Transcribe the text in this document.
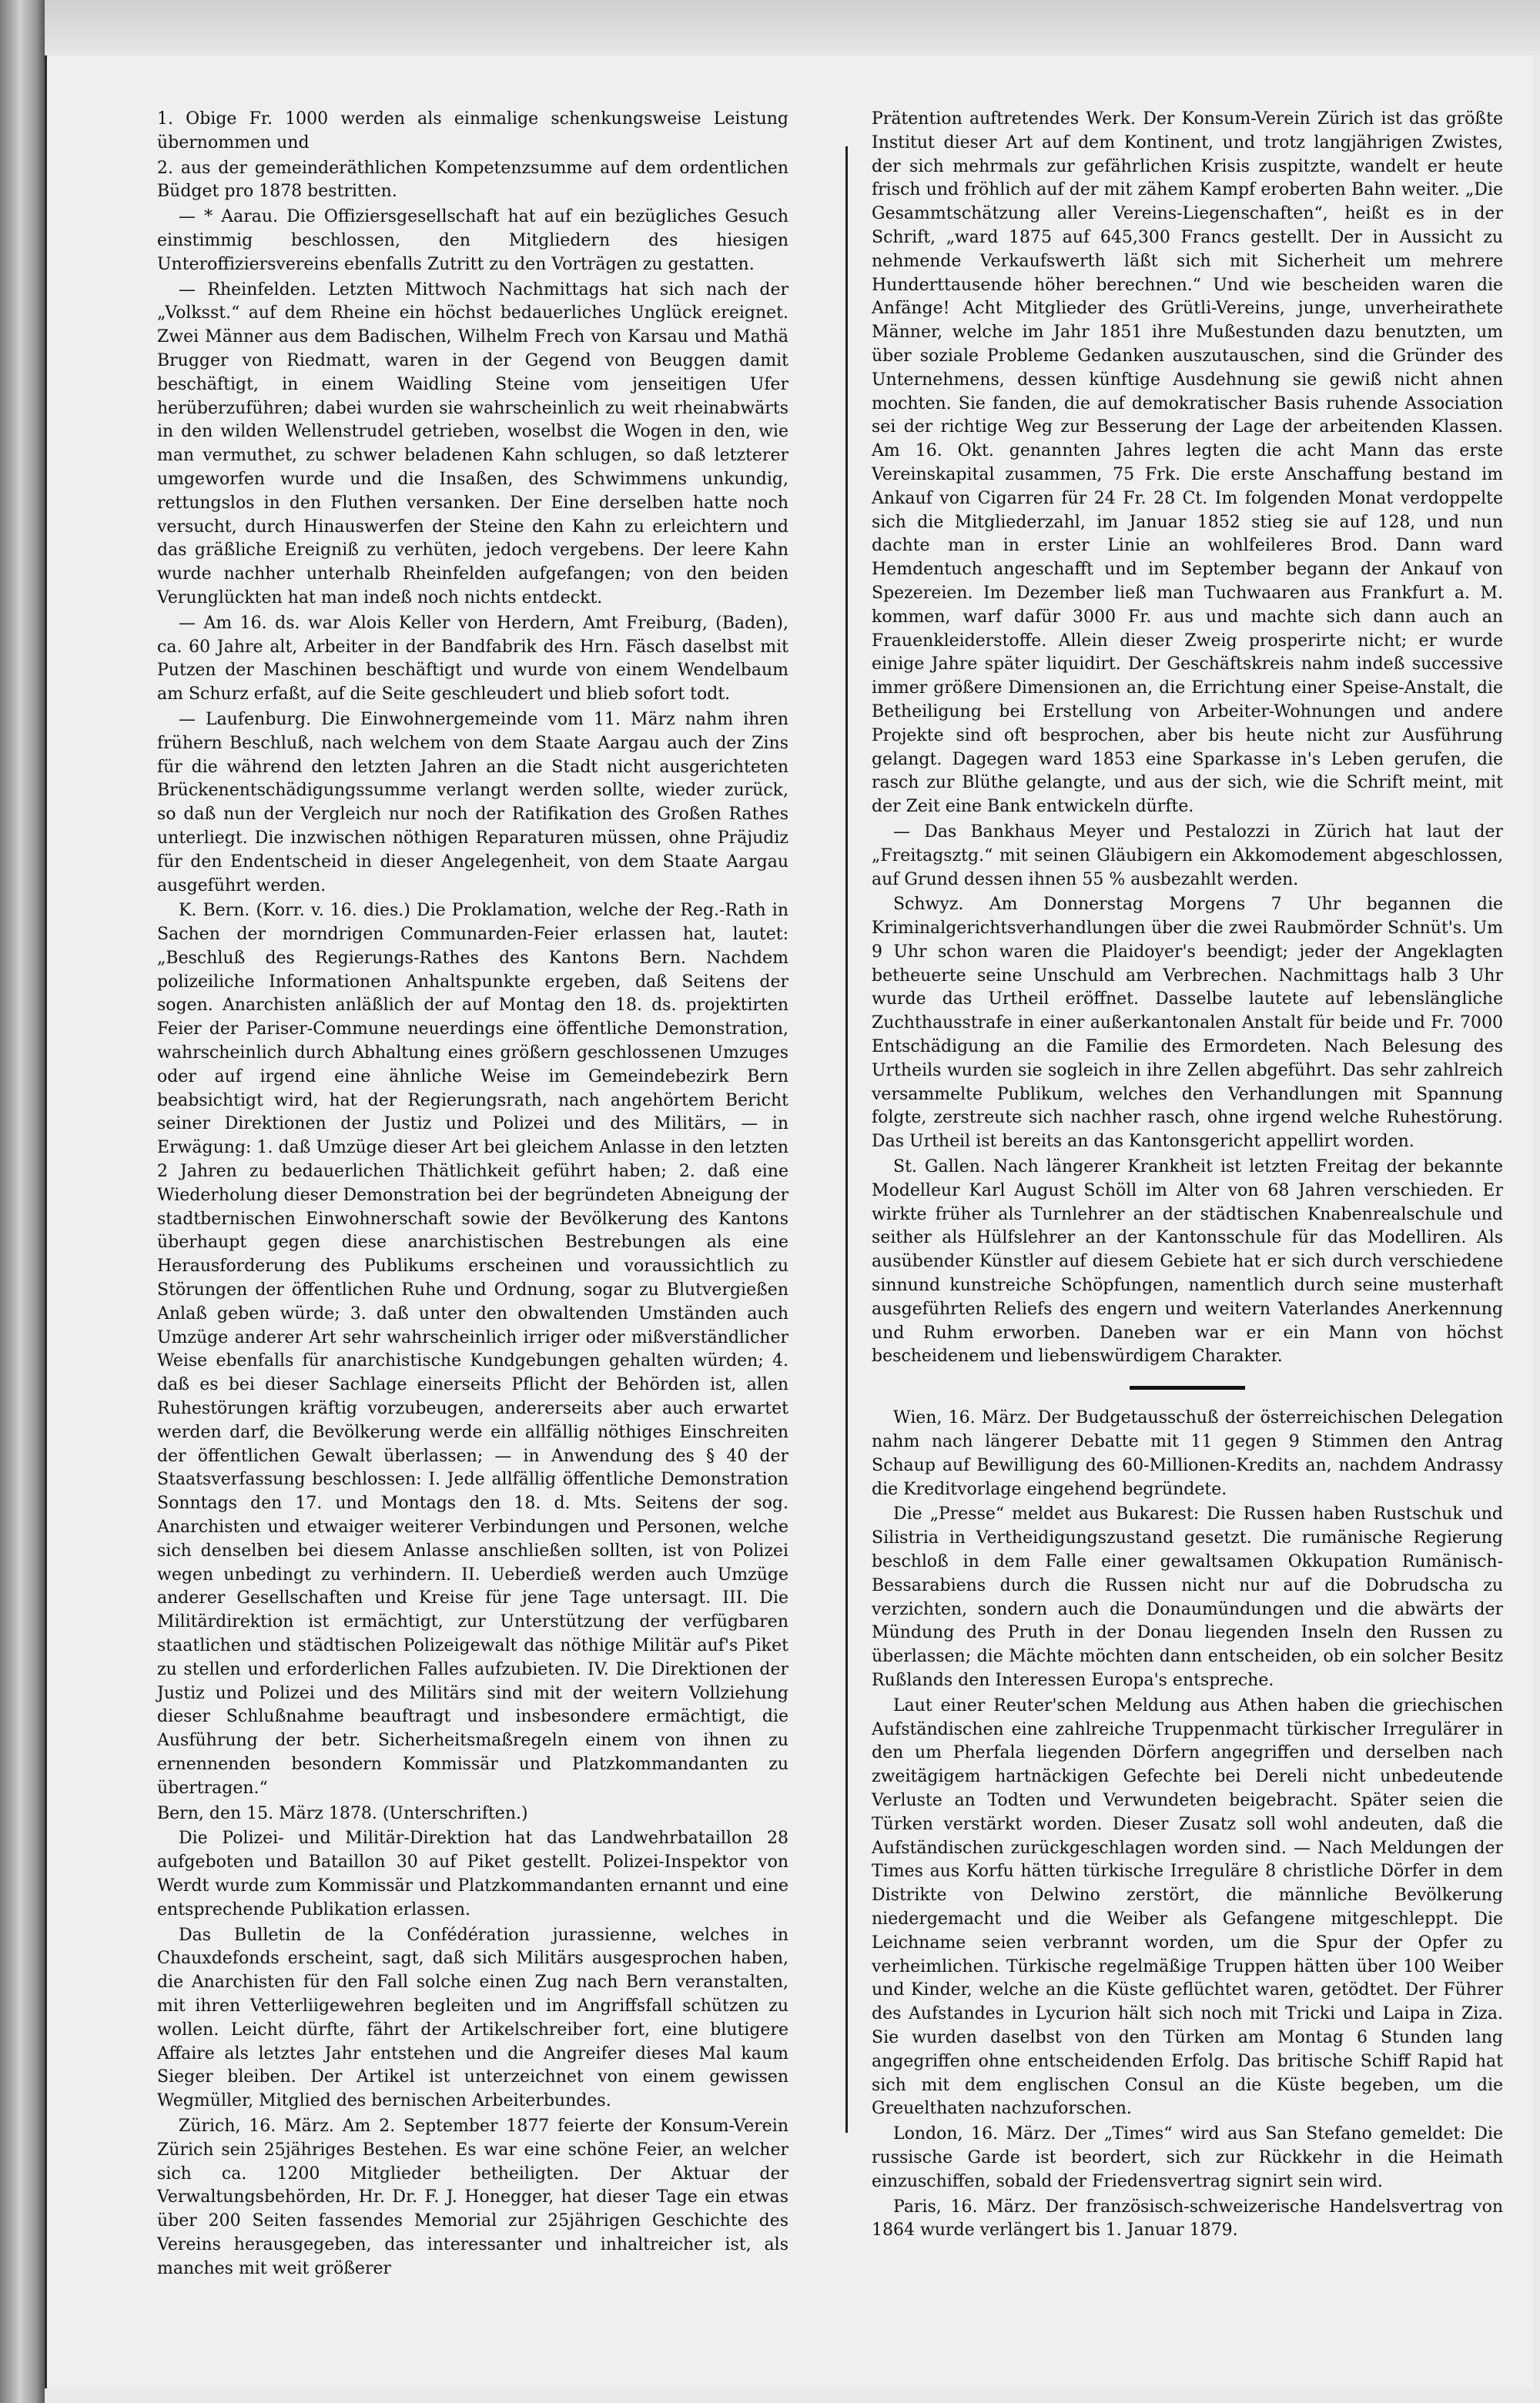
1. Obige Fr. 1000 werden als einmalige schenkungsweise Leistung übernommen und

2. aus der gemeinderäthlichen Kompetenzsumme auf dem ordentlichen Büdget pro 1878 bestritten.

— * Aarau. Die Offiziersgesellschaft hat auf ein bezügliches Gesuch einstimmig beschlossen, den Mitgliedern des hiesigen Unteroffiziersvereins ebenfalls Zutritt zu den Vorträgen zu gestatten.

— Rheinfelden. Letzten Mittwoch Nachmittags hat sich nach der „Volksst.“ auf dem Rheine ein höchst bedauerliches Unglück ereignet. Zwei Männer aus dem Badischen, Wilhelm Frech von Karsau und Mathä Brugger von Riedmatt, waren in der Gegend von Beuggen damit beschäftigt, in einem Waidling Steine vom jenseitigen Ufer herüberzuführen; dabei wurden sie wahrscheinlich zu weit rheinabwärts in den wilden Wellenstrudel getrieben, woselbst die Wogen in den, wie man vermuthet, zu schwer beladenen Kahn schlugen, so daß letzterer umgeworfen wurde und die Insaßen, des Schwimmens unkundig, rettungslos in den Fluthen versanken. Der Eine derselben hatte noch versucht, durch Hinauswerfen der Steine den Kahn zu erleichtern und das gräßliche Ereigniß zu verhüten, jedoch vergebens. Der leere Kahn wurde nachher unterhalb Rheinfelden aufgefangen; von den beiden Verunglückten hat man indeß noch nichts entdeckt.

— Am 16. ds. war Alois Keller von Herdern, Amt Freiburg, (Baden), ca. 60 Jahre alt, Arbeiter in der Bandfabrik des Hrn. Fäsch daselbst mit Putzen der Maschinen beschäftigt und wurde von einem Wendelbaum am Schurz erfaßt, auf die Seite geschleudert und blieb sofort todt.

— Laufenburg. Die Einwohnergemeinde vom 11. März nahm ihren frühern Beschluß, nach welchem von dem Staate Aargau auch der Zins für die während den letzten Jahren an die Stadt nicht ausgerichteten Brückenentschädigungssumme verlangt werden sollte, wieder zurück, so daß nun der Vergleich nur noch der Ratifikation des Großen Rathes unterliegt. Die inzwischen nöthigen Reparaturen müssen, ohne Präjudiz für den Endentscheid in dieser Angelegenheit, von dem Staate Aargau ausgeführt werden.

K. Bern. (Korr. v. 16. dies.) Die Proklamation, welche der Reg.-Rath in Sachen der morndrigen Communarden-Feier erlassen hat, lautet: „Beschluß des Regierungs-Rathes des Kantons Bern. Nachdem polizeiliche Informationen Anhaltspunkte ergeben, daß Seitens der sogen. Anarchisten anläßlich der auf Montag den 18. ds. projektirten Feier der Pariser-Commune neuerdings eine öffentliche Demonstration, wahrscheinlich durch Abhaltung eines größern geschlossenen Umzuges oder auf irgend eine ähnliche Weise im Gemeindebezirk Bern beabsichtigt wird, hat der Regierungsrath, nach angehörtem Bericht seiner Direktionen der Justiz und Polizei und des Militärs, — in Erwägung: 1. daß Umzüge dieser Art bei gleichem Anlasse in den letzten 2 Jahren zu bedauerlichen Thätlichkeit geführt haben; 2. daß eine Wiederholung dieser Demonstration bei der begründeten Abneigung der stadtbernischen Einwohnerschaft sowie der Bevölkerung des Kantons überhaupt gegen diese anarchistischen Bestrebungen als eine Herausforderung des Publikums erscheinen und voraussichtlich zu Störungen der öffentlichen Ruhe und Ordnung, sogar zu Blutvergießen Anlaß geben würde; 3. daß unter den obwaltenden Umständen auch Umzüge anderer Art sehr wahrscheinlich irriger oder mißverständlicher Weise ebenfalls für anarchistische Kundgebungen gehalten würden; 4. daß es bei dieser Sachlage einerseits Pflicht der Behörden ist, allen Ruhestörungen kräftig vorzubeugen, andererseits aber auch erwartet werden darf, die Bevölkerung werde ein allfällig nöthiges Einschreiten der öffentlichen Gewalt überlassen; — in Anwendung des § 40 der Staatsverfassung beschlossen: I. Jede allfällig öffentliche Demonstration Sonntags den 17. und Montags den 18. d. Mts. Seitens der sog. Anarchisten und etwaiger weiterer Verbindungen und Personen, welche sich denselben bei diesem Anlasse anschließen sollten, ist von Polizei wegen unbedingt zu verhindern. II. Ueberdieß werden auch Umzüge anderer Gesellschaften und Kreise für jene Tage untersagt. III. Die Militärdirektion ist ermächtigt, zur Unterstützung der verfügbaren staatlichen und städtischen Polizeigewalt das nöthige Militär auf's Piket zu stellen und erforderlichen Falles aufzubieten. IV. Die Direktionen der Justiz und Polizei und des Militärs sind mit der weitern Vollziehung dieser Schlußnahme beauftragt und insbesondere ermächtigt, die Ausführung der betr. Sicherheitsmaßregeln einem von ihnen zu ernennenden besondern Kommissär und Platzkommandanten zu übertragen.“

Bern, den 15. März 1878. (Unterschriften.)

Die Polizei- und Militär-Direktion hat das Landwehrbataillon 28 aufgeboten und Bataillon 30 auf Piket gestellt. Polizei-Inspektor von Werdt wurde zum Kommissär und Platzkommandanten ernannt und eine entsprechende Publikation erlassen.

Das Bulletin de la Confédération jurassienne, welches in Chauxdefonds erscheint, sagt, daß sich Militärs ausgesprochen haben, die Anarchisten für den Fall solche einen Zug nach Bern veranstalten, mit ihren Vetterliigewehren begleiten und im Angriffsfall schützen zu wollen. Leicht dürfte, fährt der Artikelschreiber fort, eine blutigere Affaire als letztes Jahr entstehen und die Angreifer dieses Mal kaum Sieger bleiben. Der Artikel ist unterzeichnet von einem gewissen Wegmüller, Mitglied des bernischen Arbeiterbundes.

Zürich, 16. März. Am 2. September 1877 feierte der Konsum-Verein Zürich sein 25jähriges Bestehen. Es war eine schöne Feier, an welcher sich ca. 1200 Mitglieder betheiligten. Der Aktuar der Verwaltungsbehörden, Hr. Dr. F. J. Honegger, hat dieser Tage ein etwas über 200 Seiten fassendes Memorial zur 25jährigen Geschichte des Vereins herausgegeben, das interessanter und inhaltreicher ist, als manches mit weit größerer

Prätention auftretendes Werk. Der Konsum-Verein Zürich ist das größte Institut dieser Art auf dem Kontinent, und trotz langjährigen Zwistes, der sich mehrmals zur gefährlichen Krisis zuspitzte, wandelt er heute frisch und fröhlich auf der mit zähem Kampf eroberten Bahn weiter. „Die Gesammtschätzung aller Vereins-Liegenschaften“, heißt es in der Schrift, „ward 1875 auf 645,300 Francs gestellt. Der in Aussicht zu nehmende Verkaufswerth läßt sich mit Sicherheit um mehrere Hunderttausende höher berechnen.“ Und wie bescheiden waren die Anfänge! Acht Mitglieder des Grütli-Vereins, junge, unverheirathete Männer, welche im Jahr 1851 ihre Mußestunden dazu benutzten, um über soziale Probleme Gedanken auszutauschen, sind die Gründer des Unternehmens, dessen künftige Ausdehnung sie gewiß nicht ahnen mochten. Sie fanden, die auf demokratischer Basis ruhende Association sei der richtige Weg zur Besserung der Lage der arbeitenden Klassen. Am 16. Okt. genannten Jahres legten die acht Mann das erste Vereinskapital zusammen, 75 Frk. Die erste Anschaffung bestand im Ankauf von Cigarren für 24 Fr. 28 Ct. Im folgenden Monat verdoppelte sich die Mitgliederzahl, im Januar 1852 stieg sie auf 128, und nun dachte man in erster Linie an wohlfeileres Brod. Dann ward Hemdentuch angeschafft und im September begann der Ankauf von Spezereien. Im Dezember ließ man Tuchwaaren aus Frankfurt a. M. kommen, warf dafür 3000 Fr. aus und machte sich dann auch an Frauenkleiderstoffe. Allein dieser Zweig prosperirte nicht; er wurde einige Jahre später liquidirt. Der Geschäftskreis nahm indeß successive immer größere Dimensionen an, die Errichtung einer Speise-Anstalt, die Betheiligung bei Erstellung von Arbeiter-Wohnungen und andere Projekte sind oft besprochen, aber bis heute nicht zur Ausführung gelangt. Dagegen ward 1853 eine Sparkasse in's Leben gerufen, die rasch zur Blüthe gelangte, und aus der sich, wie die Schrift meint, mit der Zeit eine Bank entwickeln dürfte.

— Das Bankhaus Meyer und Pestalozzi in Zürich hat laut der „Freitagsztg.“ mit seinen Gläubigern ein Akkomodement abgeschlossen, auf Grund dessen ihnen 55 % ausbezahlt werden.

Schwyz. Am Donnerstag Morgens 7 Uhr begannen die Kriminalgerichtsverhandlungen über die zwei Raubmörder Schnüt's. Um 9 Uhr schon waren die Plaidoyer's beendigt; jeder der Angeklagten betheuerte seine Unschuld am Verbrechen. Nachmittags halb 3 Uhr wurde das Urtheil eröffnet. Dasselbe lautete auf lebenslängliche Zuchthausstrafe in einer außerkantonalen Anstalt für beide und Fr. 7000 Entschädigung an die Familie des Ermordeten. Nach Belesung des Urtheils wurden sie sogleich in ihre Zellen abgeführt. Das sehr zahlreich versammelte Publikum, welches den Verhandlungen mit Spannung folgte, zerstreute sich nachher rasch, ohne irgend welche Ruhestörung. Das Urtheil ist bereits an das Kantonsgericht appellirt worden.

St. Gallen. Nach längerer Krankheit ist letzten Freitag der bekannte Modelleur Karl August Schöll im Alter von 68 Jahren verschieden. Er wirkte früher als Turnlehrer an der städtischen Knabenrealschule und seither als Hülfslehrer an der Kantonsschule für das Modelliren. Als ausübender Künstler auf diesem Gebiete hat er sich durch verschiedene sinnund kunstreiche Schöpfungen, namentlich durch seine musterhaft ausgeführten Reliefs des engern und weitern Vaterlandes Anerkennung und Ruhm erworben. Daneben war er ein Mann von höchst bescheidenem und liebenswürdigem Charakter.

Wien, 16. März. Der Budgetausschuß der österreichischen Delegation nahm nach längerer Debatte mit 11 gegen 9 Stimmen den Antrag Schaup auf Bewilligung des 60-Millionen-Kredits an, nachdem Andrassy die Kreditvorlage eingehend begründete.

Die „Presse“ meldet aus Bukarest: Die Russen haben Rustschuk und Silistria in Vertheidigungszustand gesetzt. Die rumänische Regierung beschloß in dem Falle einer gewaltsamen Okkupation Rumänisch-Bessarabiens durch die Russen nicht nur auf die Dobrudscha zu verzichten, sondern auch die Donaumündungen und die abwärts der Mündung des Pruth in der Donau liegenden Inseln den Russen zu überlassen; die Mächte möchten dann entscheiden, ob ein solcher Besitz Rußlands den Interessen Europa's entspreche.

Laut einer Reuter'schen Meldung aus Athen haben die griechischen Aufständischen eine zahlreiche Truppenmacht türkischer Irregulärer in den um Pherfala liegenden Dörfern angegriffen und derselben nach zweitägigem hartnäckigen Gefechte bei Dereli nicht unbedeutende Verluste an Todten und Verwundeten beigebracht. Später seien die Türken verstärkt worden. Dieser Zusatz soll wohl andeuten, daß die Aufständischen zurückgeschlagen worden sind. — Nach Meldungen der Times aus Korfu hätten türkische Irreguläre 8 christliche Dörfer in dem Distrikte von Delwino zerstört, die männliche Bevölkerung niedergemacht und die Weiber als Gefangene mitgeschleppt. Die Leichname seien verbrannt worden, um die Spur der Opfer zu verheimlichen. Türkische regelmäßige Truppen hätten über 100 Weiber und Kinder, welche an die Küste geflüchtet waren, getödtet. Der Führer des Aufstandes in Lycurion hält sich noch mit Tricki und Laipa in Ziza. Sie wurden daselbst von den Türken am Montag 6 Stunden lang angegriffen ohne entscheidenden Erfolg. Das britische Schiff Rapid hat sich mit dem englischen Consul an die Küste begeben, um die Greuelthaten nachzuforschen.

London, 16. März. Der „Times“ wird aus San Stefano gemeldet: Die russische Garde ist beordert, sich zur Rückkehr in die Heimath einzuschiffen, sobald der Friedensvertrag signirt sein wird.

Paris, 16. März. Der französisch-schweizerische Handelsvertrag von 1864 wurde verlängert bis 1. Januar 1879.
